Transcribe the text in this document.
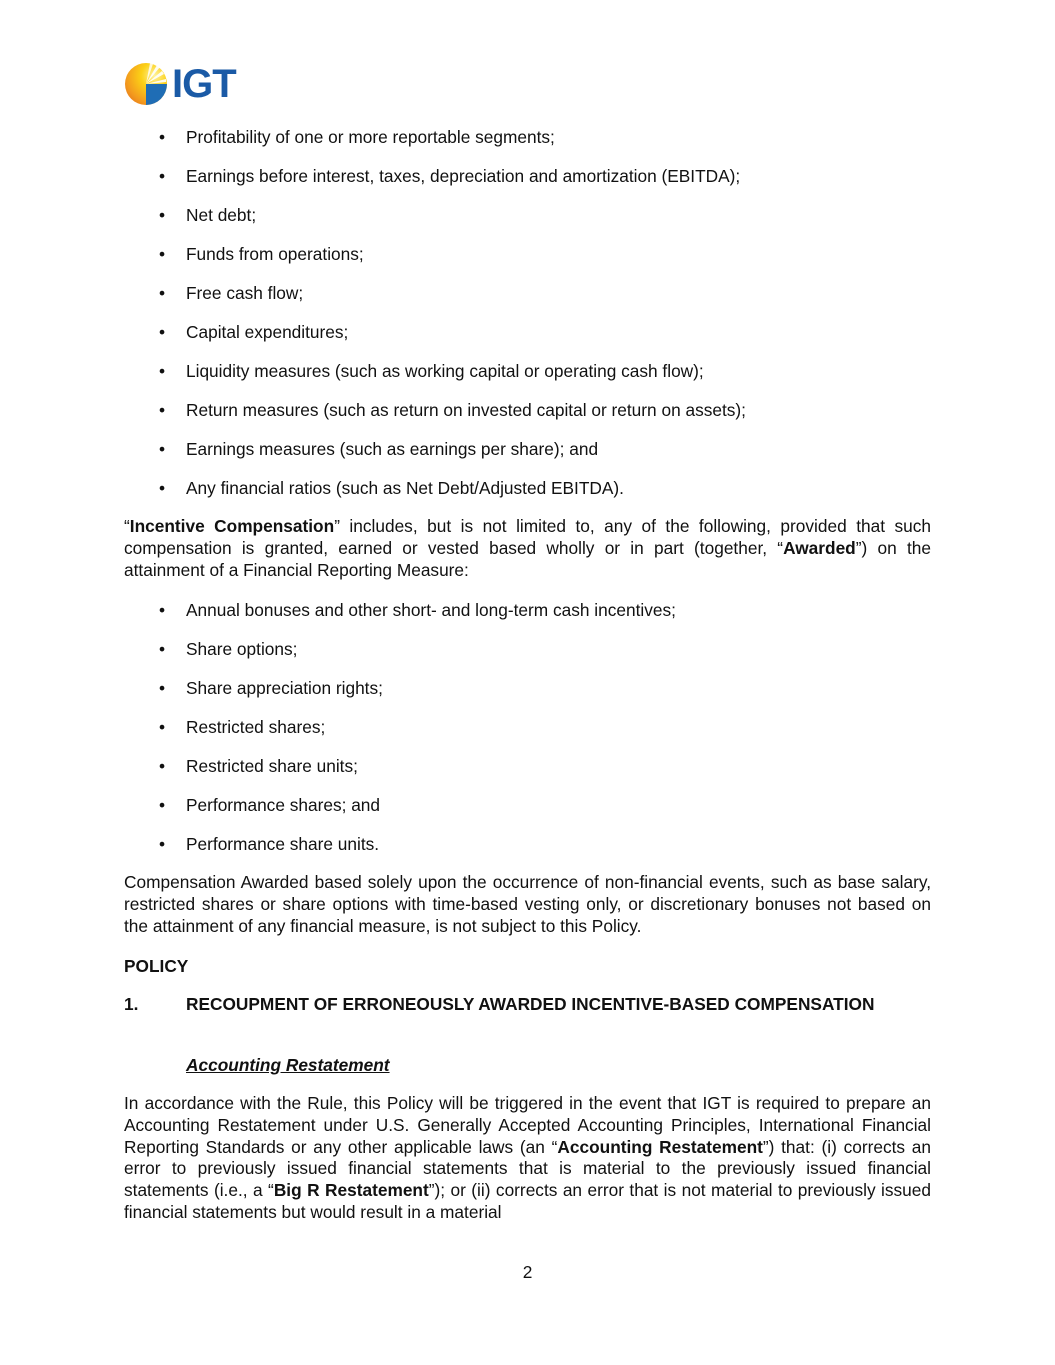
IGT
• Profitability of one or more reportable segments;
• Earnings before interest, taxes, depreciation and amortization (EBITDA);
• Net debt;
• Funds from operations;
• Free cash flow;
• Capital expenditures;
• Liquidity measures (such as working capital or operating cash flow);
• Return measures (such as return on invested capital or return on assets);
• Earnings measures (such as earnings per share); and
• Any financial ratios (such as Net Debt/Adjusted EBITDA).

“Incentive Compensation” includes, but is not limited to, any of the following, provided that such compensation is granted, earned or vested based wholly or in part (together, “Awarded”) on the attainment of a Financial Reporting Measure:

• Annual bonuses and other short- and long-term cash incentives;
• Share options;
• Share appreciation rights;
• Restricted shares;
• Restricted share units;
• Performance shares; and
• Performance share units.

Compensation Awarded based solely upon the occurrence of non-financial events, such as base salary, restricted shares or share options with time-based vesting only, or discretionary bonuses not based on the attainment of any financial measure, is not subject to this Policy.

POLICY
1.	RECOUPMENT OF ERRONEOUSLY AWARDED INCENTIVE-BASED COMPENSATION
Accounting Restatement

In accordance with the Rule, this Policy will be triggered in the event that IGT is required to prepare an Accounting Restatement under U.S. Generally Accepted Accounting Principles, International Financial Reporting Standards or any other applicable laws (an “Accounting Restatement”) that: (i) corrects an error to previously issued financial statements that is material to the previously issued financial statements (i.e., a “Big R Restatement”); or (ii) corrects an error that is not material to previously issued financial statements but would result in a material

2
